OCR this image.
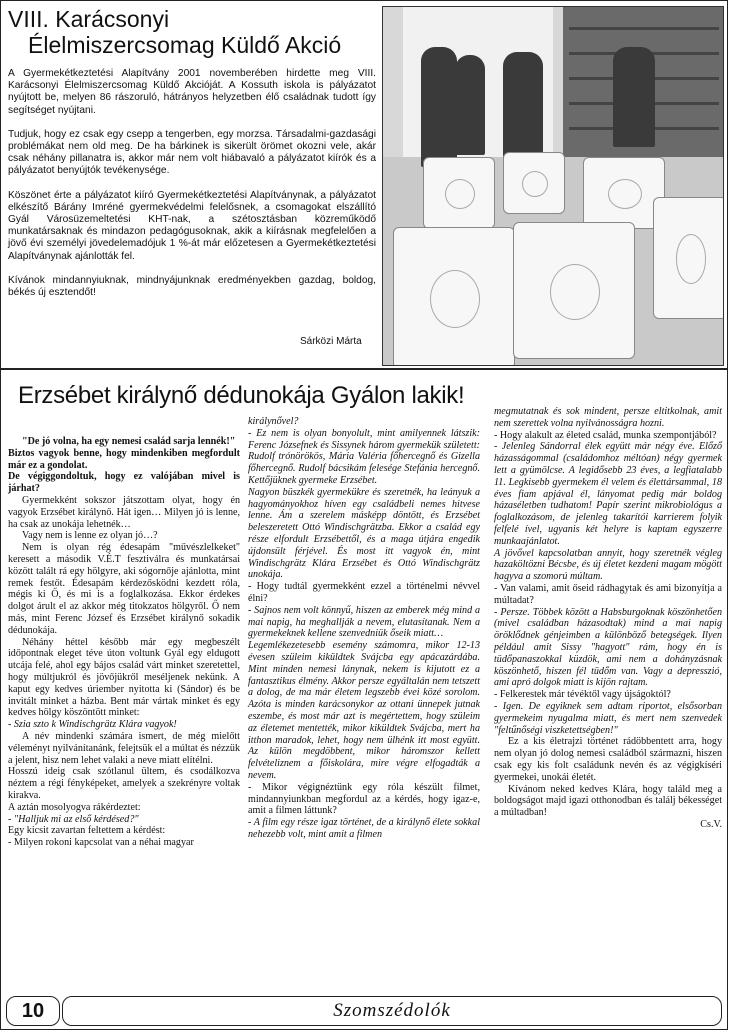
VIII. Karácsonyi
Élelmiszercsomag Küldő Akció

A Gyermekétkeztetési Alapítvány 2001 novemberében hirdette meg VIII. Karácsonyi Élelmiszercsomag Küldő Akcióját. A Kossuth iskola is pályázatot nyújtott be, melyen 86 rászoruló, hátrányos helyzetben élő családnak tudott így segítséget nyújtani.

Tudjuk, hogy ez csak egy csepp a tengerben, egy morzsa. Társadalmi-gazdasági problémákat nem old meg. De ha bárkinek is sikerült örömet okozni vele, akár csak néhány pillanatra is, akkor már nem volt hiábavaló a pályázatot kiírók és a pályázatot benyújtók tevékenysége.

Köszönet érte a pályázatot kiíró Gyermekétkeztetési Alapítványnak, a pályázatot elkészítő Bárány Imréné gyermekvédelmi felelősnek, a csomagokat elszállító Gyál Városüzemeltetési KHT-nak, a szétosztásban közreműködő munkatársaknak és mindazon pedagógusoknak, akik a kiírásnak megfelelően a jövő évi személyi jövedelemadójuk 1 %-át már előzetesen a Gyermekétkeztetési Alapítványnak ajánlották fel.

Kívánok mindannyiuknak, mindnyájunknak eredményekben gazdag, boldog, békés új esztendőt!

Sárközi Márta
Erzsébet királynő dédunokája Gyálon lakik!

"De jó volna, ha egy nemesi család sarja lennék!"

Biztos vagyok benne, hogy mindenkiben megfordult már ez a gondolat.

De végiggondoltuk, hogy ez valójában mivel is járhat?

Gyermekként sokszor játszottam olyat, hogy én vagyok Erzsébet királynő. Hát igen… Milyen jó is lenne, ha csak az unokája lehetnék…

Vagy nem is lenne ez olyan jó…?

Nem is olyan rég édesapám "művészlelkeket" keresett a második V.É.T fesztiválra és munkatársai között talált rá egy hölgyre, aki sógornője ajánlotta, mint remek festőt. Édesapám kérdezősködni kezdett róla, mégis ki Ő, és mi is a foglalkozása. Ekkor érdekes dolgot árult el az akkor még titokzatos hölgyről. Ő nem más, mint Ferenc József és Erzsébet királynő sokadik dédunokája.

Néhány héttel később már egy megbeszélt időpontnak eleget téve úton voltunk Gyál egy eldugott utcája felé, ahol egy bájos család várt minket szeretettel, hogy múltjukról és jövőjükről meséljenek nekünk. A kaput egy kedves úriember nyitotta ki (Sándor) és be invitált minket a házba. Bent már vártak minket és egy kedves hölgy köszöntött minket:

- Szia szto k Windischgrätz Klára vagyok!

A név mindenki számára ismert, de még mielőtt véleményt nyilvánítanánk, felejtsük el a múltat és nézzük a jelent, hisz nem lehet valaki a neve miatt elítélni.

Hosszú ideig csak szótlanul ültem, és csodálkozva néztem a régi fényképeket, amelyek a szekrényre voltak kirakva.

A aztán mosolyogva rákérdeztet:

- "Halljuk mi az első kérdésed?"

Egy kicsit zavartan feltettem a kérdést:

- Milyen rokoni kapcsolat van a néhai magyar

királynővel?

- Ez nem is olyan bonyolult, mint amilyennek látszik: Ferenc Józsefnek és Sissynek három gyermekük született: Rudolf trónörökös, Mária Valéria főhercegnő és Gizella főhercegnő. Rudolf bácsikám felesége Stefánia hercegnő. Kettőjüknek gyermeke Erzsébet.

Nagyon büszkék gyermekükre és szeretnék, ha leányuk a hagyományokhoz híven egy családbeli nemes hitvese lenne. Ám a szerelem másképp döntött, és Erzsébet beleszeretett Ottó Windischgrätzba. Ekkor a család egy része elfordult Erzsébettől, és a maga útjára engedik újdonsült férjével. És most itt vagyok én, mint Windischgrätz Klára Erzsébet és Ottó Windischgrätz unokája.

- Hogy tudtál gyermekként ezzel a történelmi névvel élni?

- Sajnos nem volt könnyű, hiszen az emberek még mind a mai napig, ha meghallják a nevem, elutasítanak. Nem a gyermekeknek kellene szenvedniük őseik miatt…

Legemlékezetesebb esemény számomra, mikor 12-13 évesen szüleim kiküldtek Svájcba egy apácazárdába. Mint minden nemesi lánynak, nekem is kijutott ez a fantasztikus élmény. Akkor persze egyáltalán nem tetszett a dolog, de ma már életem legszebb évei közé sorolom. Azóta is minden karácsonykor az ottani ünnepek jutnak eszembe, és most már azt is megértettem, hogy szüleim az életemet mentették, mikor kiküldtek Svájcba, mert ha itthon maradok, lehet, hogy nem ülhénk itt most együtt. Az külön megdöbbent, mikor háromszor kellett felvételiznem a főiskolára, mire végre elfogadták a nevem.

- Mikor végignéztünk egy róla készült filmet, mindannyiunkban megfordul az a kérdés, hogy igaz-e, amit a filmen láttunk?

- A film egy része igaz történet, de a királynő élete sokkal nehezebb volt, mint amit a filmen

megmutatnak és sok mindent, persze eltitkolnak, amit nem szerettek volna nyilvánosságra hozni.

- Hogy alakult az életed család, munka szempontjából?

- Jelenleg Sándorral élek együtt már négy éve. Előző házasságommal (családomhoz méltóan) négy gyermek lett a gyümölcse. A legidősebb 23 éves, a legfiatalabb 11. Legkisebb gyermekem él velem és élettársammal, 18 éves fiam apjával él, lányomat pedig már boldog házaséletben tudhatom! Papír szerint mikrobiológus a foglalkozásom, de jelenleg takarítói karrierem folyik felfelé ível, ugyanis két helyre is kaptam egyszerre munkaajánlatot.

A jövővel kapcsolatban annyit, hogy szeretnék végleg hazaköltözni Bécsbe, és új életet kezdeni magam mögött hagyva a szomorú múltam.

- Van valami, amit őseid rádhagytak és ami bizonyítja a múltadat?

- Persze. Többek között a Habsburgoknak köszönhetően (mivel családban házasodtak) mind a mai napig öröklődnek génjeimben a különböző betegségek. Ilyen például amit Sissy "hagyott" rám, hogy én is tüdőpanaszokkal küzdök, ami nem a dohányzásnak köszönhető, hiszen fél tüdőm van. Vagy a depresszió, ami apró dolgok miatt is kijön rajtam.

- Felkerestek már tévéktől vagy újságoktól?

- Igen. De egyiknek sem adtam riportot, elsősorban gyermekeim nyugalma miatt, és mert nem szenvedek "feltűnőségi viszketettségben!"

Ez a kis életrajzi történet rádöbbentett arra, hogy nem olyan jó dolog nemesi családból származni, hiszen csak egy kis folt családunk nevén és az végigkíséri gyermekei, unokái életét.

Kívánom neked kedves Klára, hogy találd meg a boldogságot majd igazi otthonodban és találj békességet a múltadban!

Cs.V.

10	Szomszédolók
